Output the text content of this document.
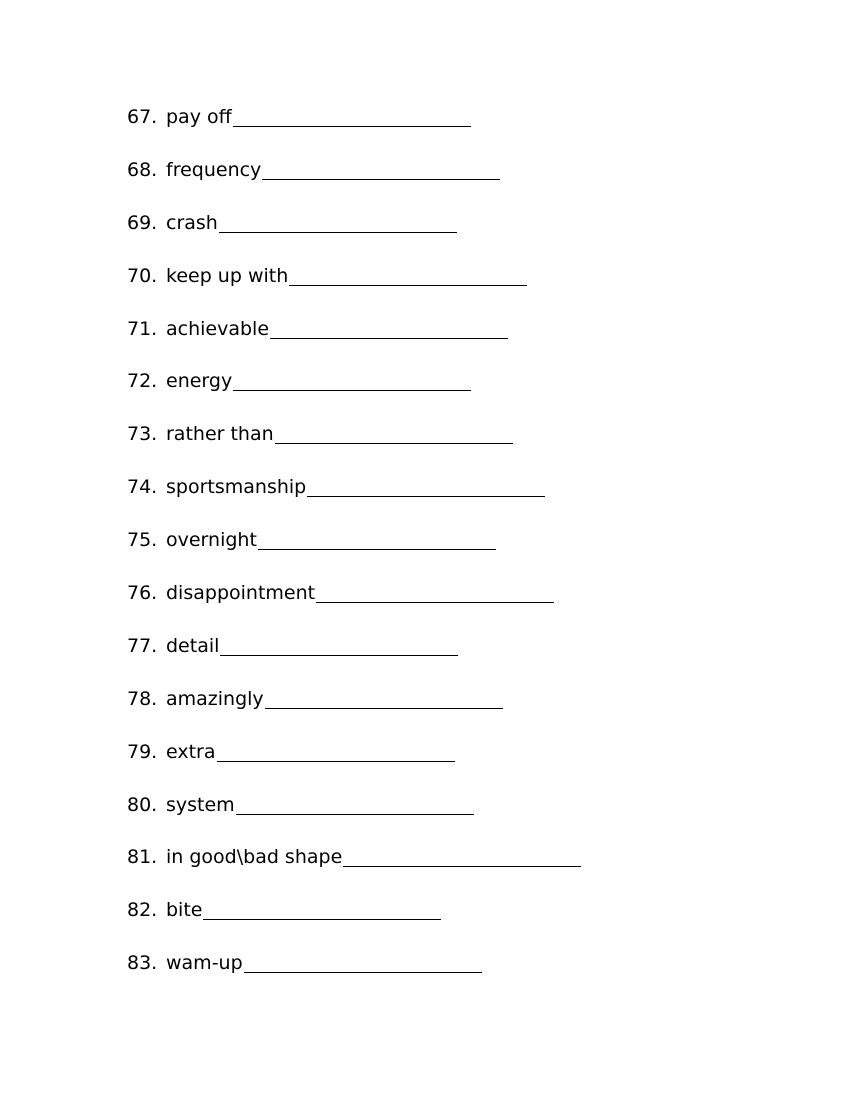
67. pay off
68. frequency
69. crash
70. keep up with
71. achievable
72. energy
73. rather than
74. sportsmanship
75. overnight
76. disappointment
77. detail
78. amazingly
79. extra
80. system
81. in good\bad shape
82. bite
83. wam-up
